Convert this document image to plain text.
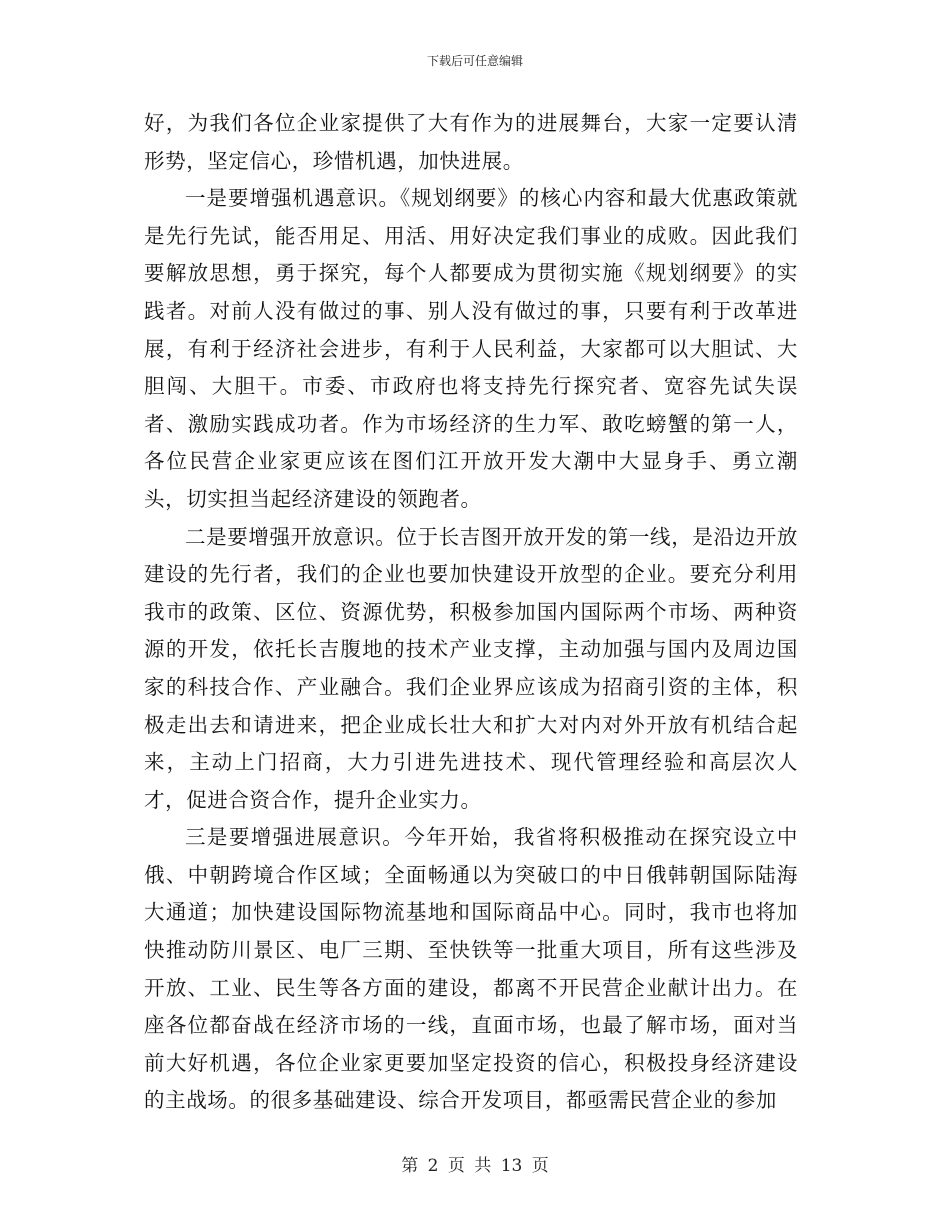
下载后可任意编辑

好，为我们各位企业家提供了大有作为的进展舞台，大家一定要认清形势，坚定信心，珍惜机遇，加快进展。

一是要增强机遇意识。《规划纲要》的核心内容和最大优惠政策就是先行先试，能否用足、用活、用好决定我们事业的成败。因此我们要解放思想，勇于探究，每个人都要成为贯彻实施《规划纲要》的实践者。对前人没有做过的事、别人没有做过的事，只要有利于改革进展，有利于经济社会进步，有利于人民利益，大家都可以大胆试、大胆闯、大胆干。市委、市政府也将支持先行探究者、宽容先试失误者、激励实践成功者。作为市场经济的生力军、敢吃螃蟹的第一人，各位民营企业家更应该在图们江开放开发大潮中大显身手、勇立潮头，切实担当起经济建设的领跑者。

二是要增强开放意识。位于长吉图开放开发的第一线，是沿边开放建设的先行者，我们的企业也要加快建设开放型的企业。要充分利用我市的政策、区位、资源优势，积极参加国内国际两个市场、两种资源的开发，依托长吉腹地的技术产业支撑，主动加强与国内及周边国家的科技合作、产业融合。我们企业界应该成为招商引资的主体，积极走出去和请进来，把企业成长壮大和扩大对内对外开放有机结合起来，主动上门招商，大力引进先进技术、现代管理经验和高层次人才，促进合资合作，提升企业实力。

三是要增强进展意识。今年开始，我省将积极推动在探究设立中俄、中朝跨境合作区域；全面畅通以为突破口的中日俄韩朝国际陆海大通道；加快建设国际物流基地和国际商品中心。同时，我市也将加快推动防川景区、电厂三期、至快铁等一批重大项目，所有这些涉及开放、工业、民生等各方面的建设，都离不开民营企业献计出力。在座各位都奋战在经济市场的一线，直面市场，也最了解市场，面对当前大好机遇，各位企业家更要加坚定投资的信心，积极投身经济建设的主战场。的很多基础建设、综合开发项目，都亟需民营企业的参加

第 2 页 共 13 页
